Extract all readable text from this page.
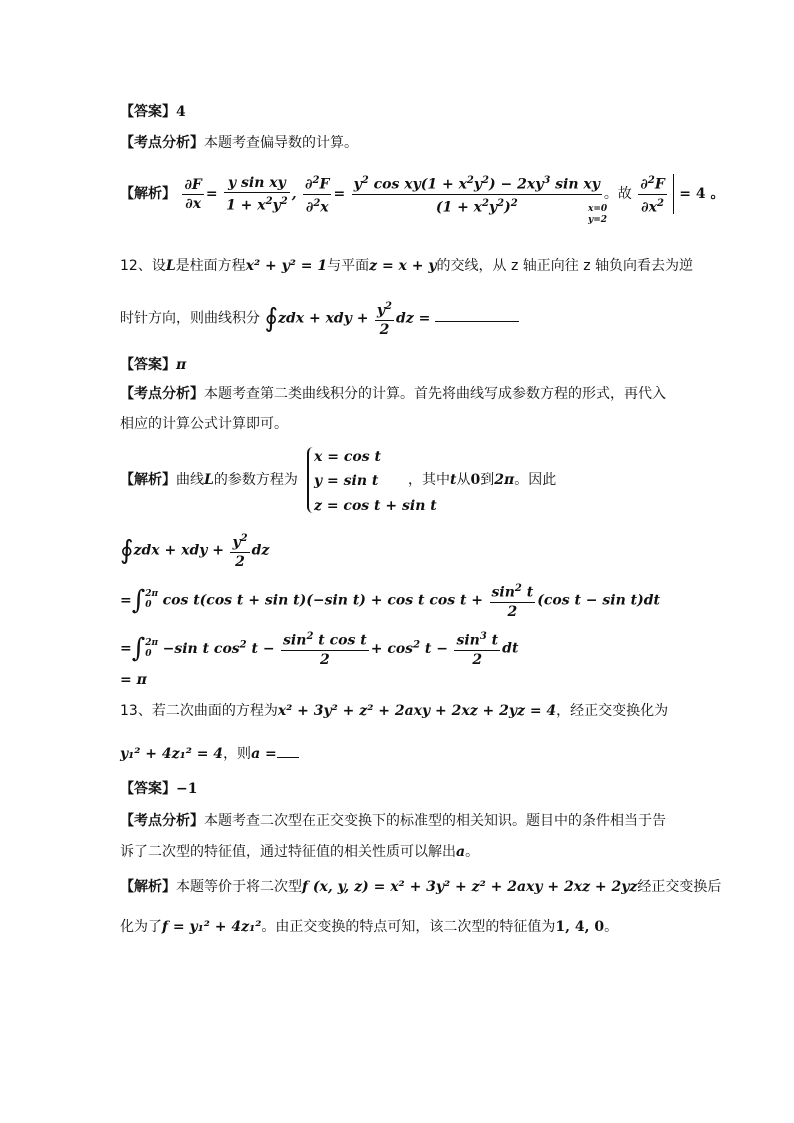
【答案】4
【考点分析】本题考查偏导数的计算。
【解析】 $\frac{\partial F}{\partial x} = \frac{\text{y sin xy}}{1 + x^2y^2}$ , $\frac{\partial^2F}{\partial^2x} = \frac{y^2 \cos xy(1 + x^2y^2) - 2xy^3 \sin xy}{(1 + x^2y^2)^2}$ 。故 $\frac{\partial^2F}{\partial x^2} = 4$ 。
x=0
y=2
12、设L是柱面方程x² + y² = 1与平面z = x + y的交线，从 z 轴正向往 z 轴负向看去为逆
时针方向，则曲线积分 ∮zdx + xdy + $\frac{y^2}{2}$ dz =
【答案】π
【考点分析】本题考查第二类曲线积分的计算。首先将曲线写成参数方程的形式，再代入
相应的计算公式计算即可。
【解析】曲线L的参数方程为
x = cos t
y = sin t
z = cos t + sin t
，其中t从0到2π。因此
∮zdx + xdy + $\frac{y^2}{2}$ dz
=∫2π
0 cos t(cos t + sin t)(−sin t) + cos t $\cos t + \frac{\sin^2 t}{2} (\cos$ t − sin t)dt
=∫2π
0 −sin t $\cos^2 t - \frac{\sin^2 t \cos t}{2} + \cos^2 t - \frac{\sin^3 t}{2}$ dt
= π
13、若二次曲面的方程为x² + 3y² + z² + 2axy + 2xz + 2yz = 4，经正交变换化为
y₁² + 4z₁² = 4，则a =
【答案】−1
【考点分析】本题考查二次型在正交变换下的标准型的相关知识。题目中的条件相当于告
诉了二次型的特征值，通过特征值的相关性质可以解出a。
【解析】本题等价于将二次型f (x, y, z) = x² + 3y² + z² + 2axy + 2xz + 2yz经正交变换后
化为了f = y₁² + 4z₁²。由正交变换的特点可知，该二次型的特征值为1, 4, 0。
